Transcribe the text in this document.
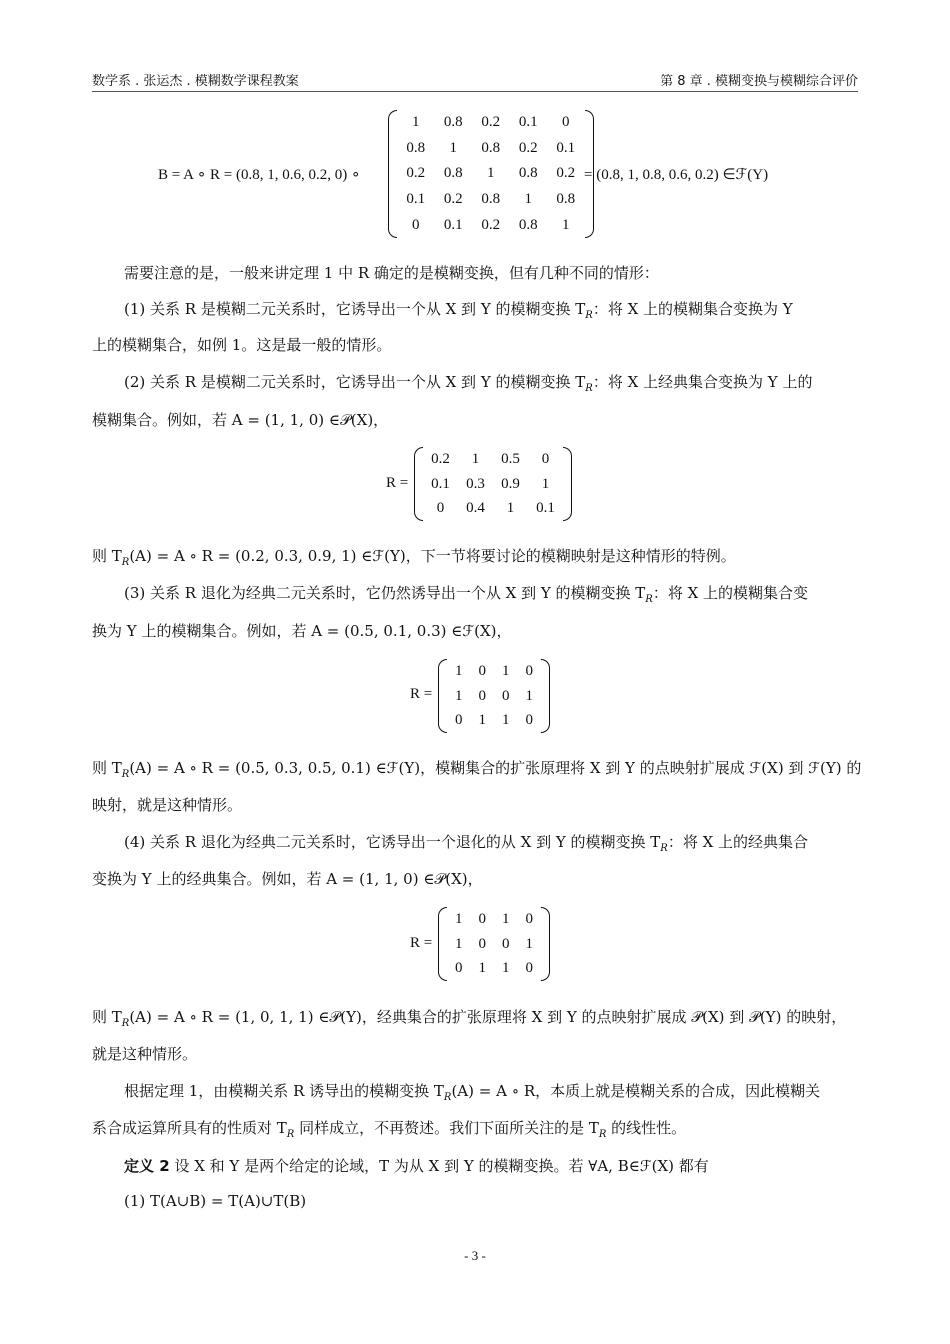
数学系 . 张运杰 . 模糊数学课程教案	第 8 章 . 模糊变换与模糊综合评价
B = A ∘ R = (0.8, 1, 0.6, 0.2, 0) ∘
1	0.8	0.2	0.1	0
0.8	1	0.8	0.2	0.1
0.2	0.8	1	0.8	0.2
0.1	0.2	0.8	1	0.8
0	0.1	0.2	0.8	1
= (0.8, 1, 0.8, 0.6, 0.2) ∈ℱ(Y)
需要注意的是，一般来讲定理 1 中 R 确定的是模糊变换，但有几种不同的情形：
(1) 关系 R 是模糊二元关系时，它诱导出一个从 X 到 Y 的模糊变换 $T_R$：将 X 上的模糊集合变换为 Y
上的模糊集合，如例 1。这是最一般的情形。
(2) 关系 R 是模糊二元关系时，它诱导出一个从 X 到 Y 的模糊变换 $T_R$：将 X 上经典集合变换为 Y 上的
模糊集合。例如，若 A = (1, 1, 0) ∈𝒫(X)，
R =
0.2	1	0.5	0
0.1	0.3	0.9	1
0	0.4	1	0.1
则 $T_R(A) = A$ ∘ R = (0.2, 0.3, 0.9, 1) ∈ℱ(Y)，下一节将要讨论的模糊映射是这种情形的特例。
(3) 关系 R 退化为经典二元关系时，它仍然诱导出一个从 X 到 Y 的模糊变换 $T_R$：将 X 上的模糊集合变
换为 Y 上的模糊集合。例如，若 A = (0.5, 0.1, 0.3) ∈ℱ(X)，
R =
1	0	1	0
1	0	0	1
0	1	1	0
则 $T_R(A) = A$ ∘ R = (0.5, 0.3, 0.5, 0.1) ∈ℱ(Y)，模糊集合的扩张原理将 X 到 Y 的点映射扩展成 ℱ(X) 到 ℱ(Y) 的
映射，就是这种情形。
(4) 关系 R 退化为经典二元关系时，它诱导出一个退化的从 X 到 Y 的模糊变换 $T_R$：将 X 上的经典集合
变换为 Y 上的经典集合。例如，若 A = (1, 1, 0) ∈𝒫(X)，
R =
1	0	1	0
1	0	0	1
0	1	1	0
则 $T_R(A) = A$ ∘ R = (1, 0, 1, 1) ∈𝒫(Y)，经典集合的扩张原理将 X 到 Y 的点映射扩展成 𝒫(X) 到 𝒫(Y) 的映射，
就是这种情形。
根据定理 1，由模糊关系 R 诱导出的模糊变换 $T_R(A) = A$ ∘ R，本质上就是模糊关系的合成，因此模糊关
系合成运算所具有的性质对 $T_R$ 同样成立，不再赘述。我们下面所关注的是 $T_R$ 的线性性。
定义 2 设 X 和 Y 是两个给定的论域，T 为从 X 到 Y 的模糊变换。若 ∀A, B∈ℱ(X) 都有
(1) T(A∪B) = T(A)∪T(B)
- 3 -
